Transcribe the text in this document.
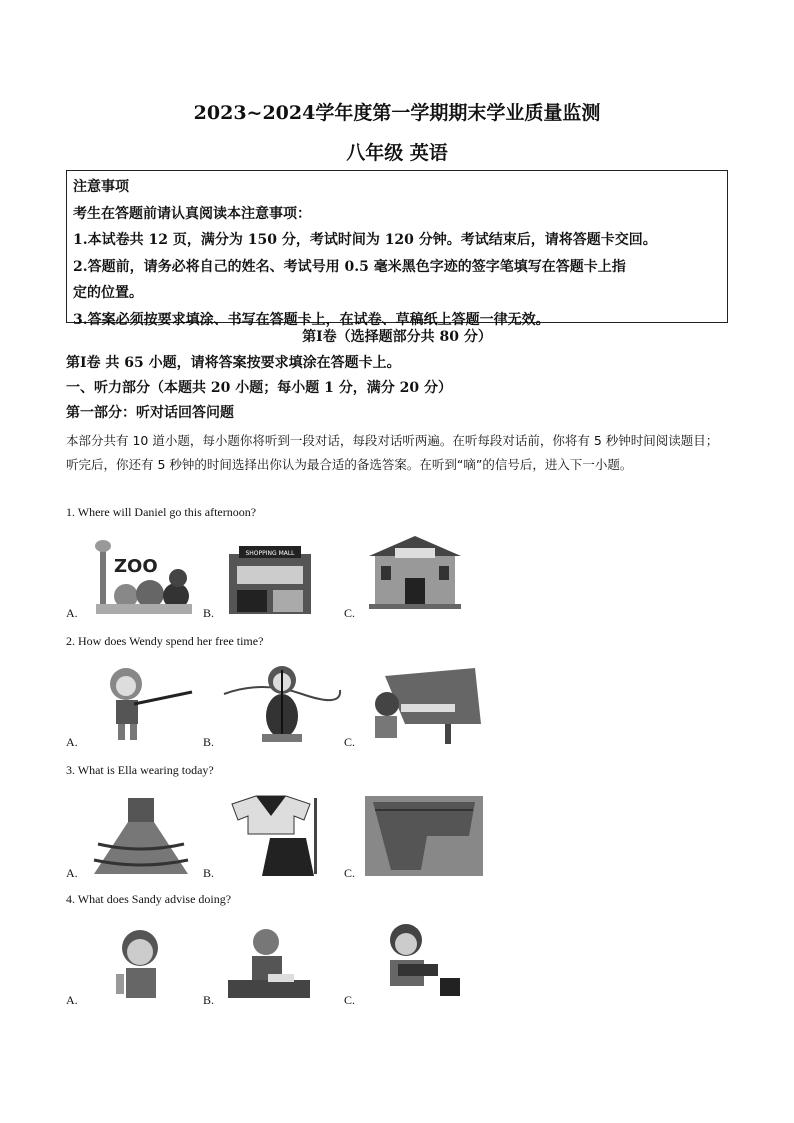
2023~2024学年度第一学期期末学业质量监测
八年级 英语
注意事项
考生在答题前请认真阅读本注意事项：
1.本试卷共 12 页，满分为 150 分，考试时间为 120 分钟。考试结束后，请将答题卡交回。
2.答题前，请务必将自己的姓名、考试号用 0.5 毫米黑色字迹的签字笔填写在答题卡上指
定的位置。
3.答案必须按要求填涂、书写在答题卡上，在试卷、草稿纸上答题一律无效。
第Ⅰ卷（选择题部分共 80 分）
第Ⅰ卷 共 65 小题，请将答案按要求填涂在答题卡上。
一、听力部分（本题共 20 小题；每小题 1 分，满分 20 分）
第一部分：听对话回答问题
本部分共有 10 道小题，每小题你将听到一段对话，每段对话听两遍。在听每段对话前，你将有 5 秒钟时间阅读题目；听完后，你还有 5 秒钟的时间选择出你认为最合适的备选答案。在听到“嘀”的信号后，进入下一小题。
1. Where will Daniel go this afternoon?
A.	B.	C.
ZOO
SHOPPING MALL
2. How does Wendy spend her free time?
A.	B.	C.
3. What is Ella wearing today?
A.	B.	C.
4. What does Sandy advise doing?
A.	B.	C.
